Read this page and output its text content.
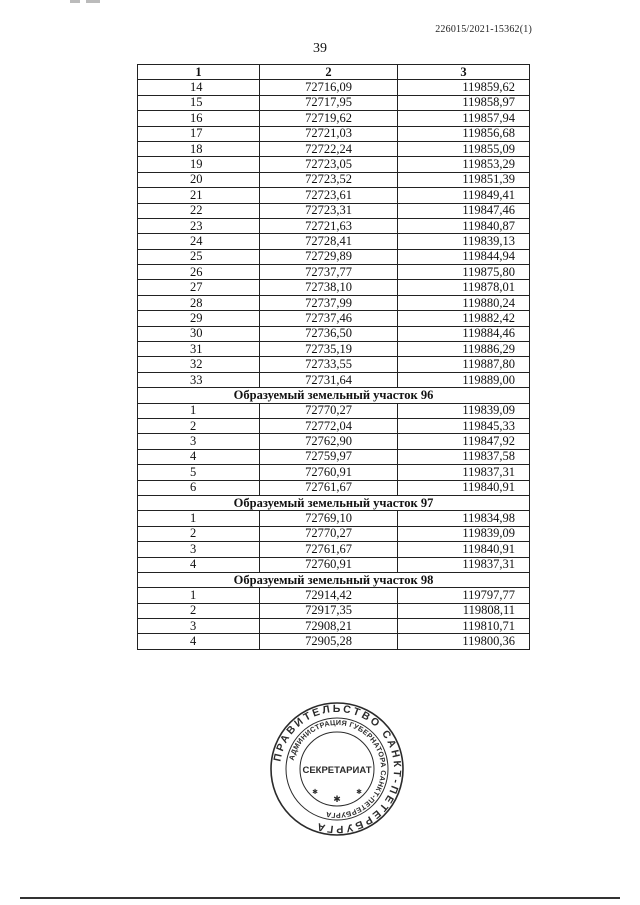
226015/2021-15362(1)
39
1	2	3
14	72716,09	119859,62
15	72717,95	119858,97
16	72719,62	119857,94
17	72721,03	119856,68
18	72722,24	119855,09
19	72723,05	119853,29
20	72723,52	119851,39
21	72723,61	119849,41
22	72723,31	119847,46
23	72721,63	119840,87
24	72728,41	119839,13
25	72729,89	119844,94
26	72737,77	119875,80
27	72738,10	119878,01
28	72737,99	119880,24
29	72737,46	119882,42
30	72736,50	119884,46
31	72735,19	119886,29
32	72733,55	119887,80
33	72731,64	119889,00
Образуемый земельный участок 96		
1	72770,27	119839,09
2	72772,04	119845,33
3	72762,90	119847,92
4	72759,97	119837,58
5	72760,91	119837,31
6	72761,67	119840,91
Образуемый земельный участок 97		
1	72769,10	119834,98
2	72770,27	119839,09
3	72761,67	119840,91
4	72760,91	119837,31
Образуемый земельный участок 98		
1	72914,42	119797,77
2	72917,35	119808,11
3	72908,21	119810,71
4	72905,28	119800,36
ПРАВИТЕЛЬСТВО САНКТ-ПЕТЕРБУРГА
АДМИНИСТРАЦИЯ ГУБЕРНАТОРА САНКТ-ПЕТЕРБУРГА
СЕКРЕТАРИАТ
✱
✱	✱
